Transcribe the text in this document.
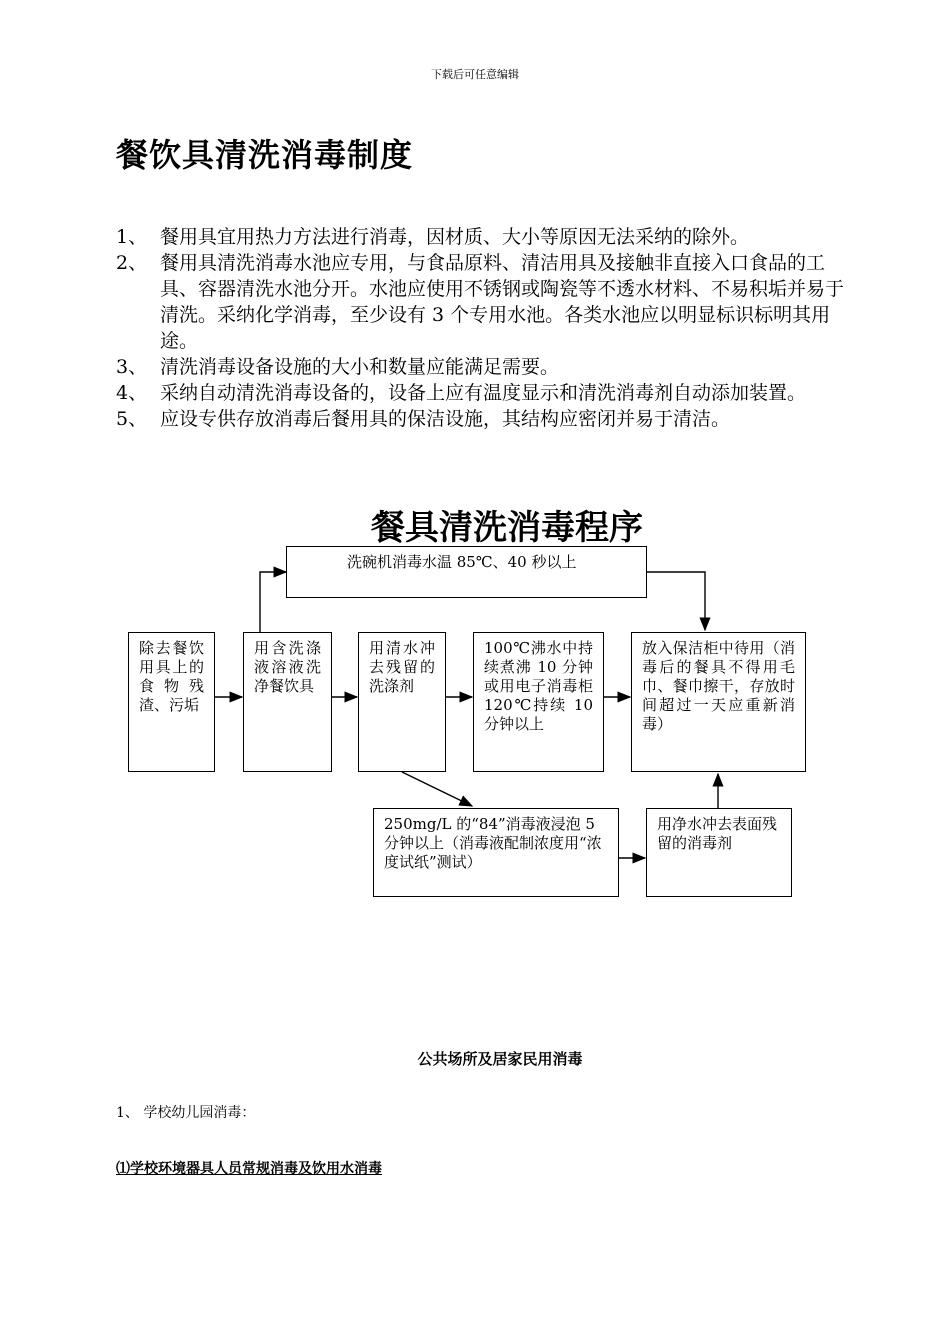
下载后可任意编辑
餐饮具清洗消毒制度
1、 餐用具宜用热力方法进行消毒，因材质、大小等原因无法采纳的除外。
2、 餐用具清洗消毒水池应专用，与食品原料、清洁用具及接触非直接入口食品的工具、容器清洗水池分开。水池应使用不锈钢或陶瓷等不透水材料、不易积垢并易于清洗。采纳化学消毒，至少设有 3 个专用水池。各类水池应以明显标识标明其用途。
3、 清洗消毒设备设施的大小和数量应能满足需要。
4、 采纳自动清洗消毒设备的，设备上应有温度显示和清洗消毒剂自动添加装置。
5、 应设专供存放消毒后餐用具的保洁设施，其结构应密闭并易于清洁。
餐具清洗消毒程序
洗碗机消毒水温 85℃、40 秒以上
除去餐饮用具上的食物残渣、污垢
用含洗涤液溶液洗净餐饮具
用清水冲去残留的洗涤剂
100℃沸水中持续煮沸 10 分钟或用电子消毒柜 120℃持续 10 分钟以上
放入保洁柜中待用（消毒后的餐具不得用毛巾、餐巾擦干，存放时间超过一天应重新消毒）
250mg/L 的“84”消毒液浸泡 5 分钟以上（消毒液配制浓度用“浓度试纸”测试）
用净水冲去表面残留的消毒剂
公共场所及居家民用消毒
1、 学校幼儿园消毒：
⑴学校环境器具人员常规消毒及饮用水消毒
